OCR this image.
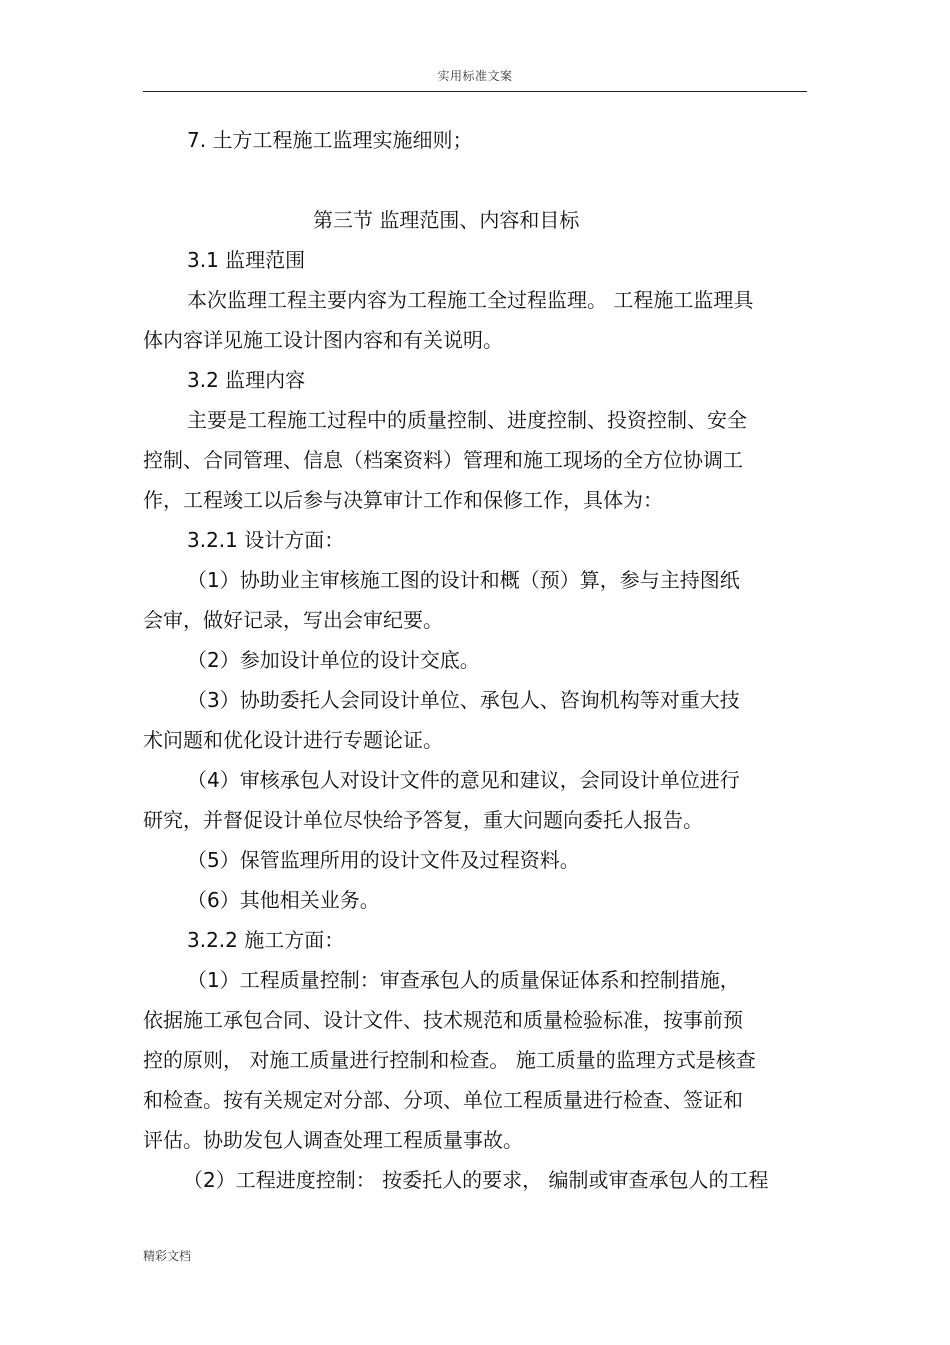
实用标准文案
7. 土方工程施工监理实施细则；
第三节 监理范围、内容和目标
3.1 监理范围
本次监理工程主要内容为工程施工全过程监理。 工程施工监理具
体内容详见施工设计图内容和有关说明。
3.2 监理内容
主要是工程施工过程中的质量控制、进度控制、投资控制、安全
控制、合同管理、信息（档案资料）管理和施工现场的全方位协调工
作，工程竣工以后参与决算审计工作和保修工作，具体为：
3.2.1 设计方面：
（1）协助业主审核施工图的设计和概（预）算，参与主持图纸
会审，做好记录，写出会审纪要。
（2）参加设计单位的设计交底。
（3）协助委托人会同设计单位、承包人、咨询机构等对重大技
术问题和优化设计进行专题论证。
（4）审核承包人对设计文件的意见和建议，会同设计单位进行
研究，并督促设计单位尽快给予答复，重大问题向委托人报告。
（5）保管监理所用的设计文件及过程资料。
（6）其他相关业务。
3.2.2 施工方面：
（1）工程质量控制：审查承包人的质量保证体系和控制措施，
依据施工承包合同、设计文件、技术规范和质量检验标准，按事前预
控的原则， 对施工质量进行控制和检查。 施工质量的监理方式是核查
和检查。按有关规定对分部、分项、单位工程质量进行检查、签证和
评估。协助发包人调查处理工程质量事故。
（2）工程进度控制： 按委托人的要求， 编制或审查承包人的工程
精彩文档
